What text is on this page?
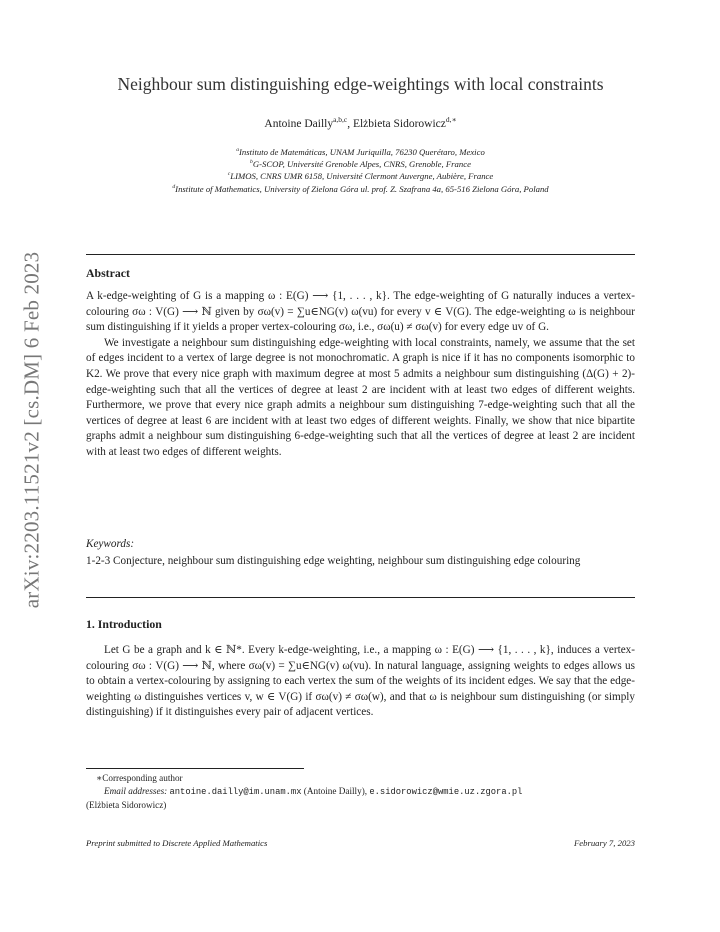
arXiv:2203.11521v2 [cs.DM] 6 Feb 2023
Neighbour sum distinguishing edge-weightings with local constraints
Antoine Dailly$^{a,b,c}$, Elżbieta Sidorowicz$^{d,∗}$
$^a$Instituto de Matemáticas, UNAM Juriquilla, 76230 Querétaro, Mexico
$^b$G-SCOP, Université Grenoble Alpes, CNRS, Grenoble, France
$^c$LIMOS, CNRS UMR 6158, Université Clermont Auvergne, Aubière, France
$^d$Institute of Mathematics, University of Zielona Góra ul. prof. Z. Szafrana 4a, 65-516 Zielona Góra, Poland
Abstract

A k-edge-weighting of G is a mapping ω : E(G) ⟶ {1, . . . , k}. The edge-weighting of G naturally induces a vertex-colouring σω : V(G) ⟶ ℕ given by σω(v) = ∑u∈NG(v) ω(vu) for every v ∈ V(G). The edge-weighting ω is neighbour sum distinguishing if it yields a proper vertex-colouring σω, i.e., σω(u) ≠ σω(v) for every edge uv of G.

We investigate a neighbour sum distinguishing edge-weighting with local constraints, namely, we assume that the set of edges incident to a vertex of large degree is not monochromatic. A graph is nice if it has no components isomorphic to K2. We prove that every nice graph with maximum degree at most 5 admits a neighbour sum distinguishing (Δ(G) + 2)-edge-weighting such that all the vertices of degree at least 2 are incident with at least two edges of different weights. Furthermore, we prove that every nice graph admits a neighbour sum distinguishing 7-edge-weighting such that all the vertices of degree at least 6 are incident with at least two edges of different weights. Finally, we show that nice bipartite graphs admit a neighbour sum distinguishing 6-edge-weighting such that all the vertices of degree at least 2 are incident with at least two edges of different weights.

Keywords:
1-2-3 Conjecture, neighbour sum distinguishing edge weighting, neighbour sum distinguishing edge colouring
1. Introduction

Let G be a graph and k ∈ ℕ*. Every k-edge-weighting, i.e., a mapping ω : E(G) ⟶ {1, . . . , k}, induces a vertex-colouring σω : V(G) ⟶ ℕ, where σω(v) = ∑u∈NG(v) ω(vu). In natural language, assigning weights to edges allows us to obtain a vertex-colouring by assigning to each vertex the sum of the weights of its incident edges. We say that the edge-weighting ω distinguishes vertices v, w ∈ V(G) if σω(v) ≠ σω(w), and that ω is neighbour sum distinguishing (or simply distinguishing) if it distinguishes every pair of adjacent vertices.

∗Corresponding author
Email addresses: antoine.dailly@im.unam.mx (Antoine Dailly), e.sidorowicz@wmie.uz.zgora.pl
(Elżbieta Sidorowicz)
Preprint submitted to Discrete Applied Mathematics	February 7, 2023
